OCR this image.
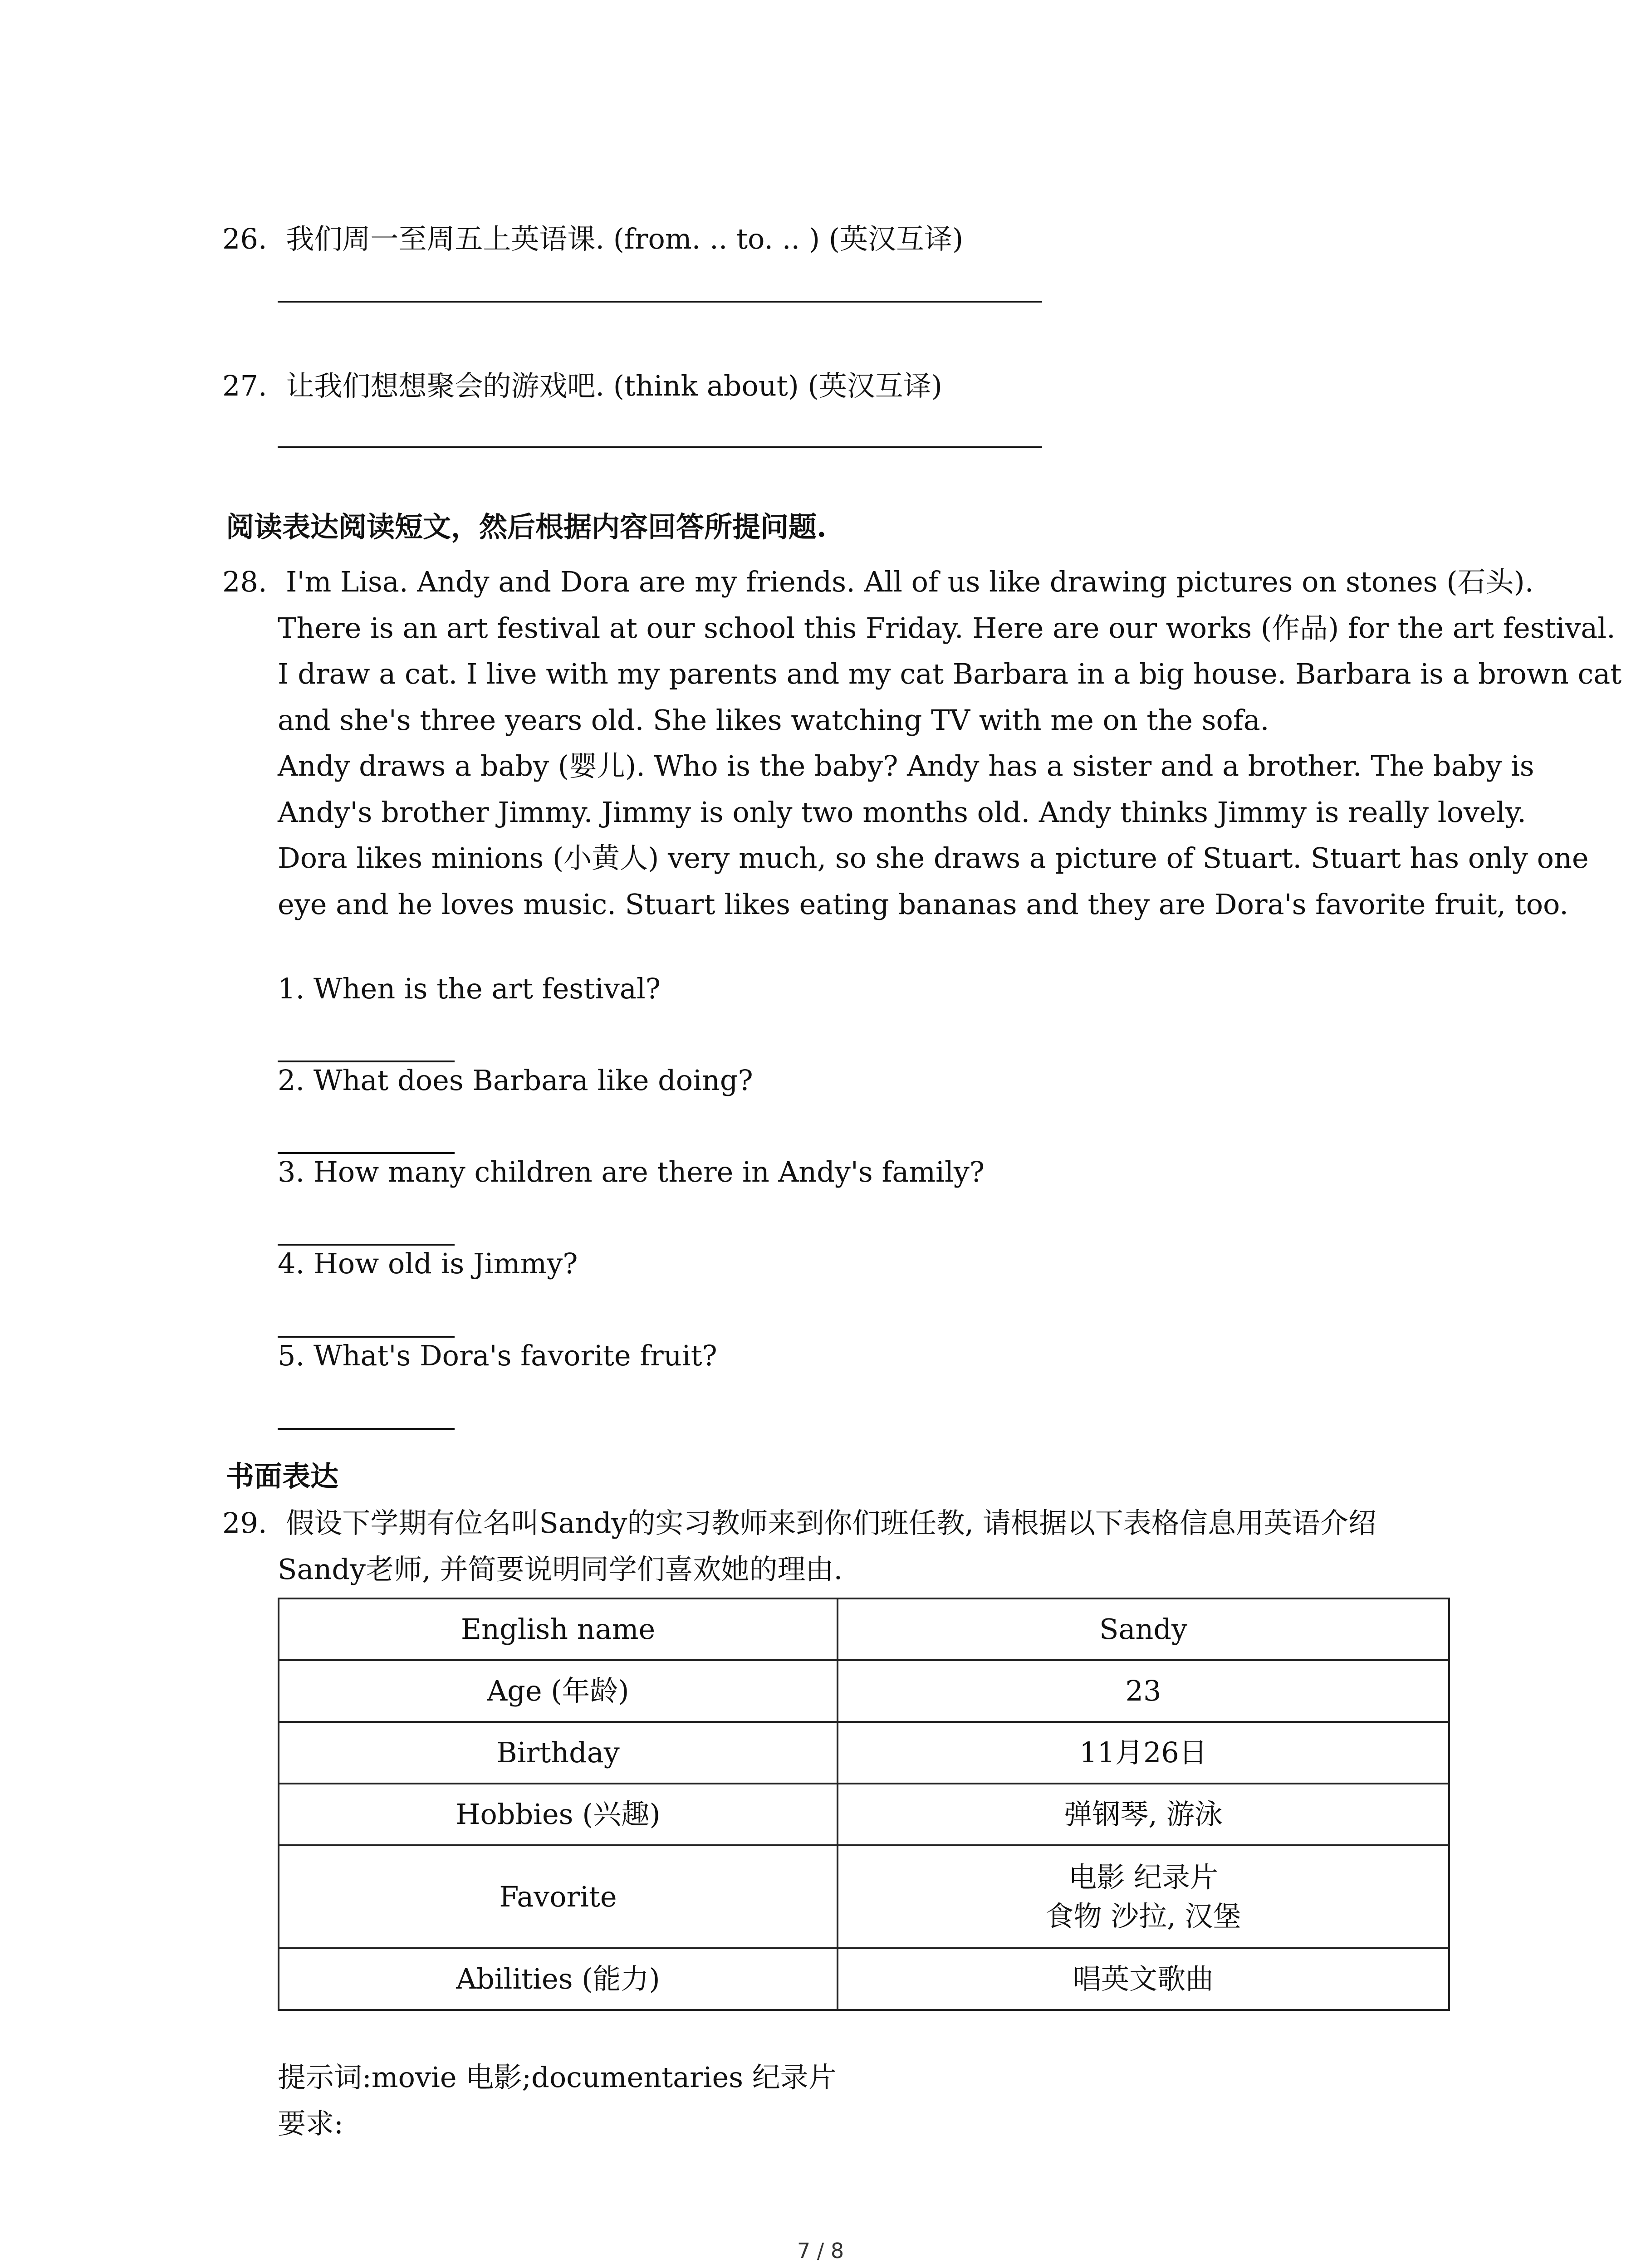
26. 我们周一至周五上英语课. (from. .. to. .. ) (英汉互译)
27. 让我们想想聚会的游戏吧. (think about) (英汉互译)
阅读表达阅读短文，然后根据内容回答所提问题.
28. I'm Lisa. Andy and Dora are my friends. All of us like drawing pictures on stones (石头).

There is an art festival at our school this Friday. Here are our works (作品) for the art festival.

I draw a cat. I live with my parents and my cat Barbara in a big house. Barbara is a brown cat

and she's three years old. She likes watching TV with me on the sofa.

Andy draws a baby (婴儿). Who is the baby? Andy has a sister and a brother. The baby is

Andy's brother Jimmy. Jimmy is only two months old. Andy thinks Jimmy is really lovely.

Dora likes minions (小黄人) very much, so she draws a picture of Stuart. Stuart has only one

eye and he loves music. Stuart likes eating bananas and they are Dora's favorite fruit, too.

1. When is the art festival?
2. What does Barbara like doing?
3. How many children are there in Andy's family?
4. How old is Jimmy?
5. What's Dora's favorite fruit?
书面表达
29. 假设下学期有位名叫Sandy的实习教师来到你们班任教, 请根据以下表格信息用英语介绍
Sandy老师, 并简要说明同学们喜欢她的理由.
English name	Sandy
Age (年龄)	23
Birthday	11月26日
Hobbies (兴趣)	弹钢琴, 游泳
Favorite	电影 纪录片
食物 沙拉, 汉堡

Abilities (能力)	唱英文歌曲
提示词:movie 电影;documentaries 纪录片
要求:
7 / 8
